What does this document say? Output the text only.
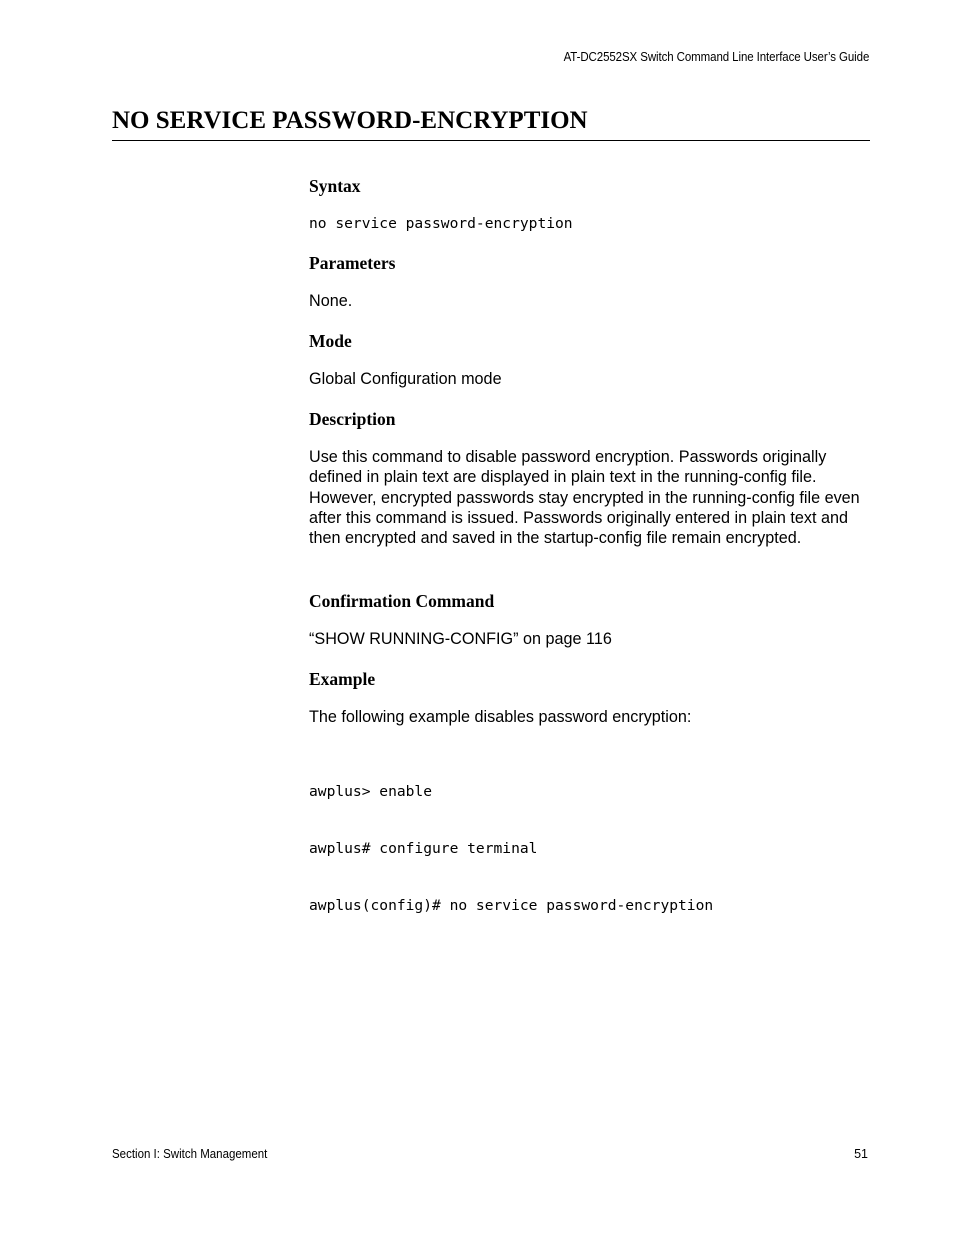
AT-DC2552SX Switch Command Line Interface User’s Guide
NO SERVICE PASSWORD-ENCRYPTION
Syntax
no service password-encryption
Parameters
None.
Mode
Global Configuration mode
Description
Use this command to disable password encryption. Passwords originally defined in plain text are displayed in plain text in the running-config file. However, encrypted passwords stay encrypted in the running-config file even after this command is issued. Passwords originally entered in plain text and then encrypted and saved in the startup-config file remain encrypted.
Confirmation Command
“SHOW RUNNING-CONFIG” on page 116
Example
The following example disables password encryption:

awplus> enable

awplus# configure terminal

awplus(config)# no service password-encryption

Section I: Switch Management	51
